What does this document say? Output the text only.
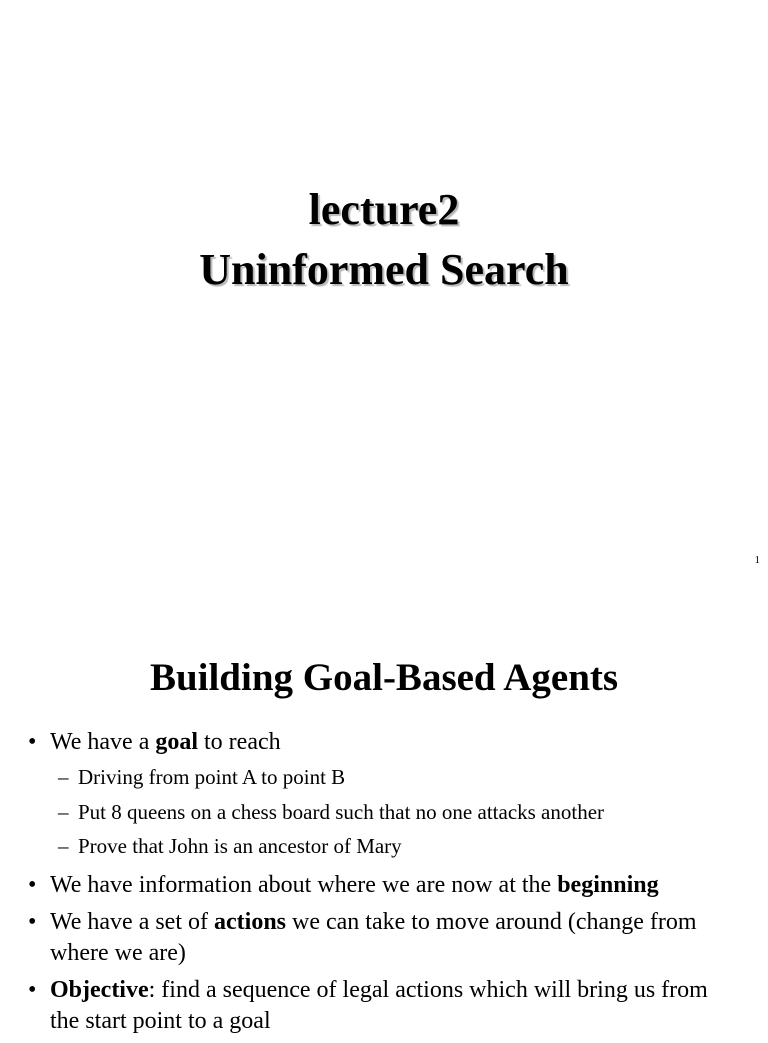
lecture2
Uninformed Search
1
Building Goal-Based Agents
• We have a goal to reach
– Driving from point A to point B
– Put 8 queens on a chess board such that no one attacks another
– Prove that John is an ancestor of Mary
• We have information about where we are now at the beginning
• We have a set of actions we can take to move around (change from where we are)
• Objective: find a sequence of legal actions which will bring us from the start point to a goal
